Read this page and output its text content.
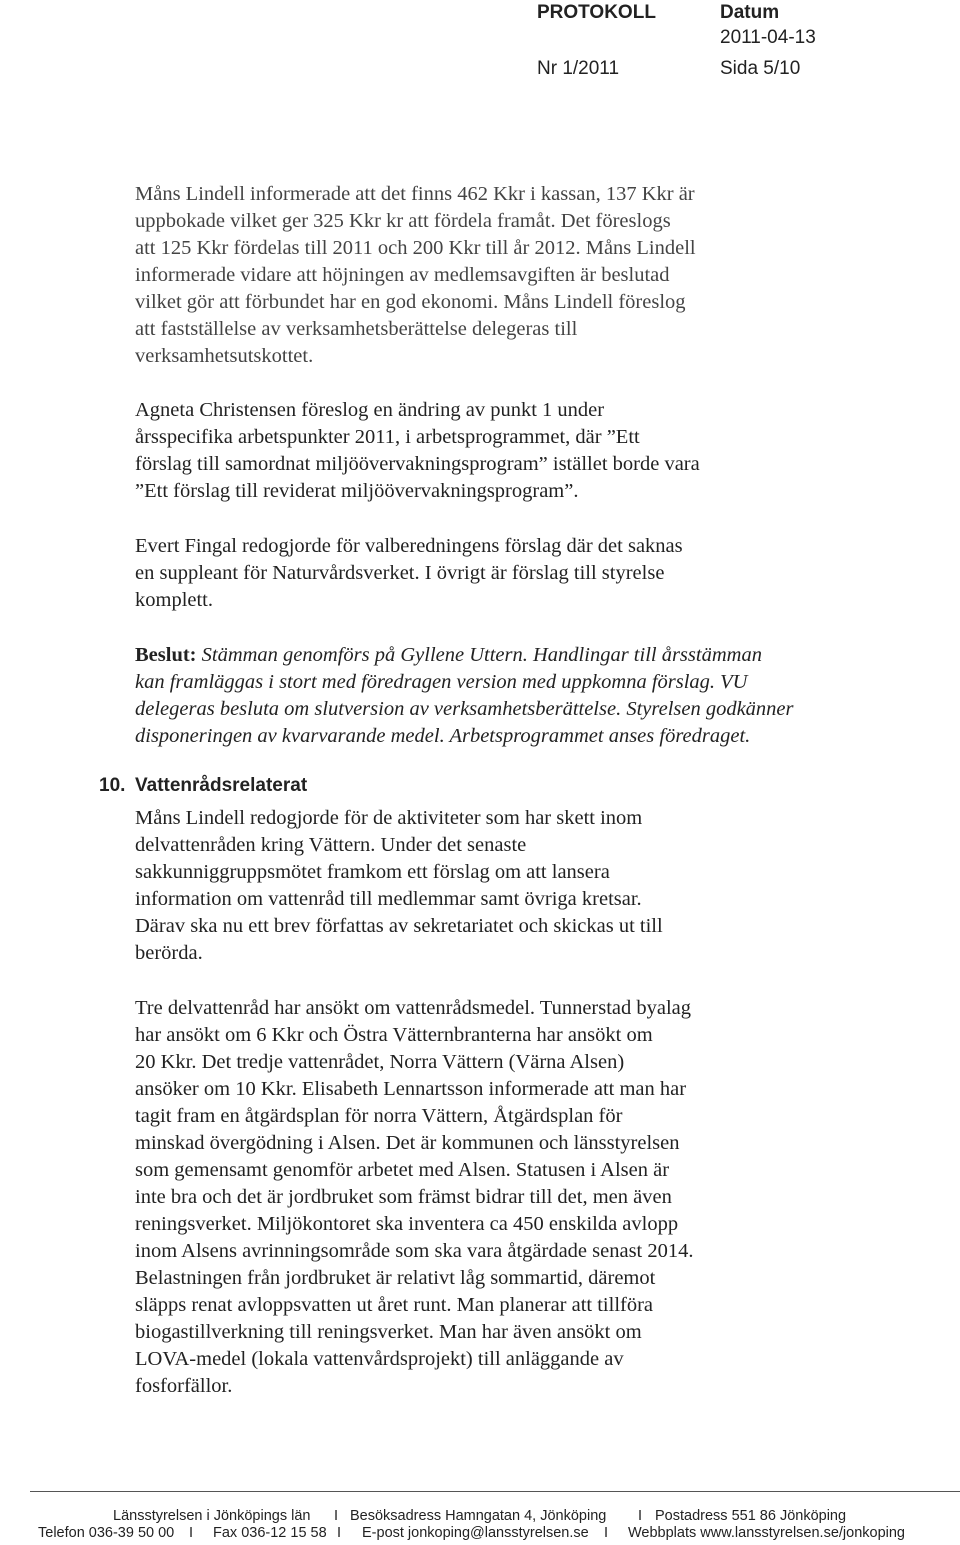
PROTOKOLL	Datum
2011-04-13
Nr 1/2011	Sida 5/10
Måns Lindell informerade att det finns 462 Kkr i kassan, 137 Kkr är
uppbokade vilket ger 325 Kkr kr att fördela framåt. Det föreslogs
att 125 Kkr fördelas till 2011 och 200 Kkr till år 2012. Måns Lindell
informerade vidare att höjningen av medlemsavgiften är beslutad
vilket gör att förbundet har en god ekonomi. Måns Lindell föreslog
att fastställelse av verksamhetsberättelse delegeras till
verksamhetsutskottet.
Agneta Christensen föreslog en ändring av punkt 1 under
årsspecifika arbetspunkter 2011, i arbetsprogrammet, där ”Ett
förslag till samordnat miljöövervakningsprogram” istället borde vara
”Ett förslag till reviderat miljöövervakningsprogram”.
Evert Fingal redogjorde för valberedningens förslag där det saknas
en suppleant för Naturvårdsverket. I övrigt är förslag till styrelse
komplett.
Beslut: Stämman genomförs på Gyllene Uttern. Handlingar till årsstämman
kan framläggas i stort med föredragen version med uppkomna förslag. VU
delegeras besluta om slutversion av verksamhetsberättelse. Styrelsen godkänner
disponeringen av kvarvarande medel. Arbetsprogrammet anses föredraget.
10. Vattenrådsrelaterat
Måns Lindell redogjorde för de aktiviteter som har skett inom
delvattenråden kring Vättern. Under det senaste
sakkunniggruppsmötet framkom ett förslag om att lansera
information om vattenråd till medlemmar samt övriga kretsar.
Därav ska nu ett brev författas av sekretariatet och skickas ut till
berörda.
Tre delvattenråd har ansökt om vattenrådsmedel. Tunnerstad byalag
har ansökt om 6 Kkr och Östra Vätternbranterna har ansökt om
20 Kkr. Det tredje vattenrådet, Norra Vättern (Värna Alsen)
ansöker om 10 Kkr. Elisabeth Lennartsson informerade att man har
tagit fram en åtgärdsplan för norra Vättern, Åtgärdsplan för
minskad övergödning i Alsen. Det är kommunen och länsstyrelsen
som gemensamt genomför arbetet med Alsen. Statusen i Alsen är
inte bra och det är jordbruket som främst bidrar till det, men även
reningsverket. Miljökontoret ska inventera ca 450 enskilda avlopp
inom Alsens avrinningsområde som ska vara åtgärdade senast 2014.
Belastningen från jordbruket är relativt låg sommartid, däremot
släpps renat avloppsvatten ut året runt. Man planerar att tillföra
biogastillverkning till reningsverket. Man har även ansökt om
LOVA-medel (lokala vattenvårdsprojekt) till anläggande av
fosforfällor.
Länsstyrelsen i Jönköpings län I Besöksadress Hamngatan 4, Jönköping I Postadress 551 86 Jönköping
Telefon 036-39 50 00 I Fax 036-12 15 58 I E-post jonkoping@lansstyrelsen.se I Webbplats www.lansstyrelsen.se/jonkoping
